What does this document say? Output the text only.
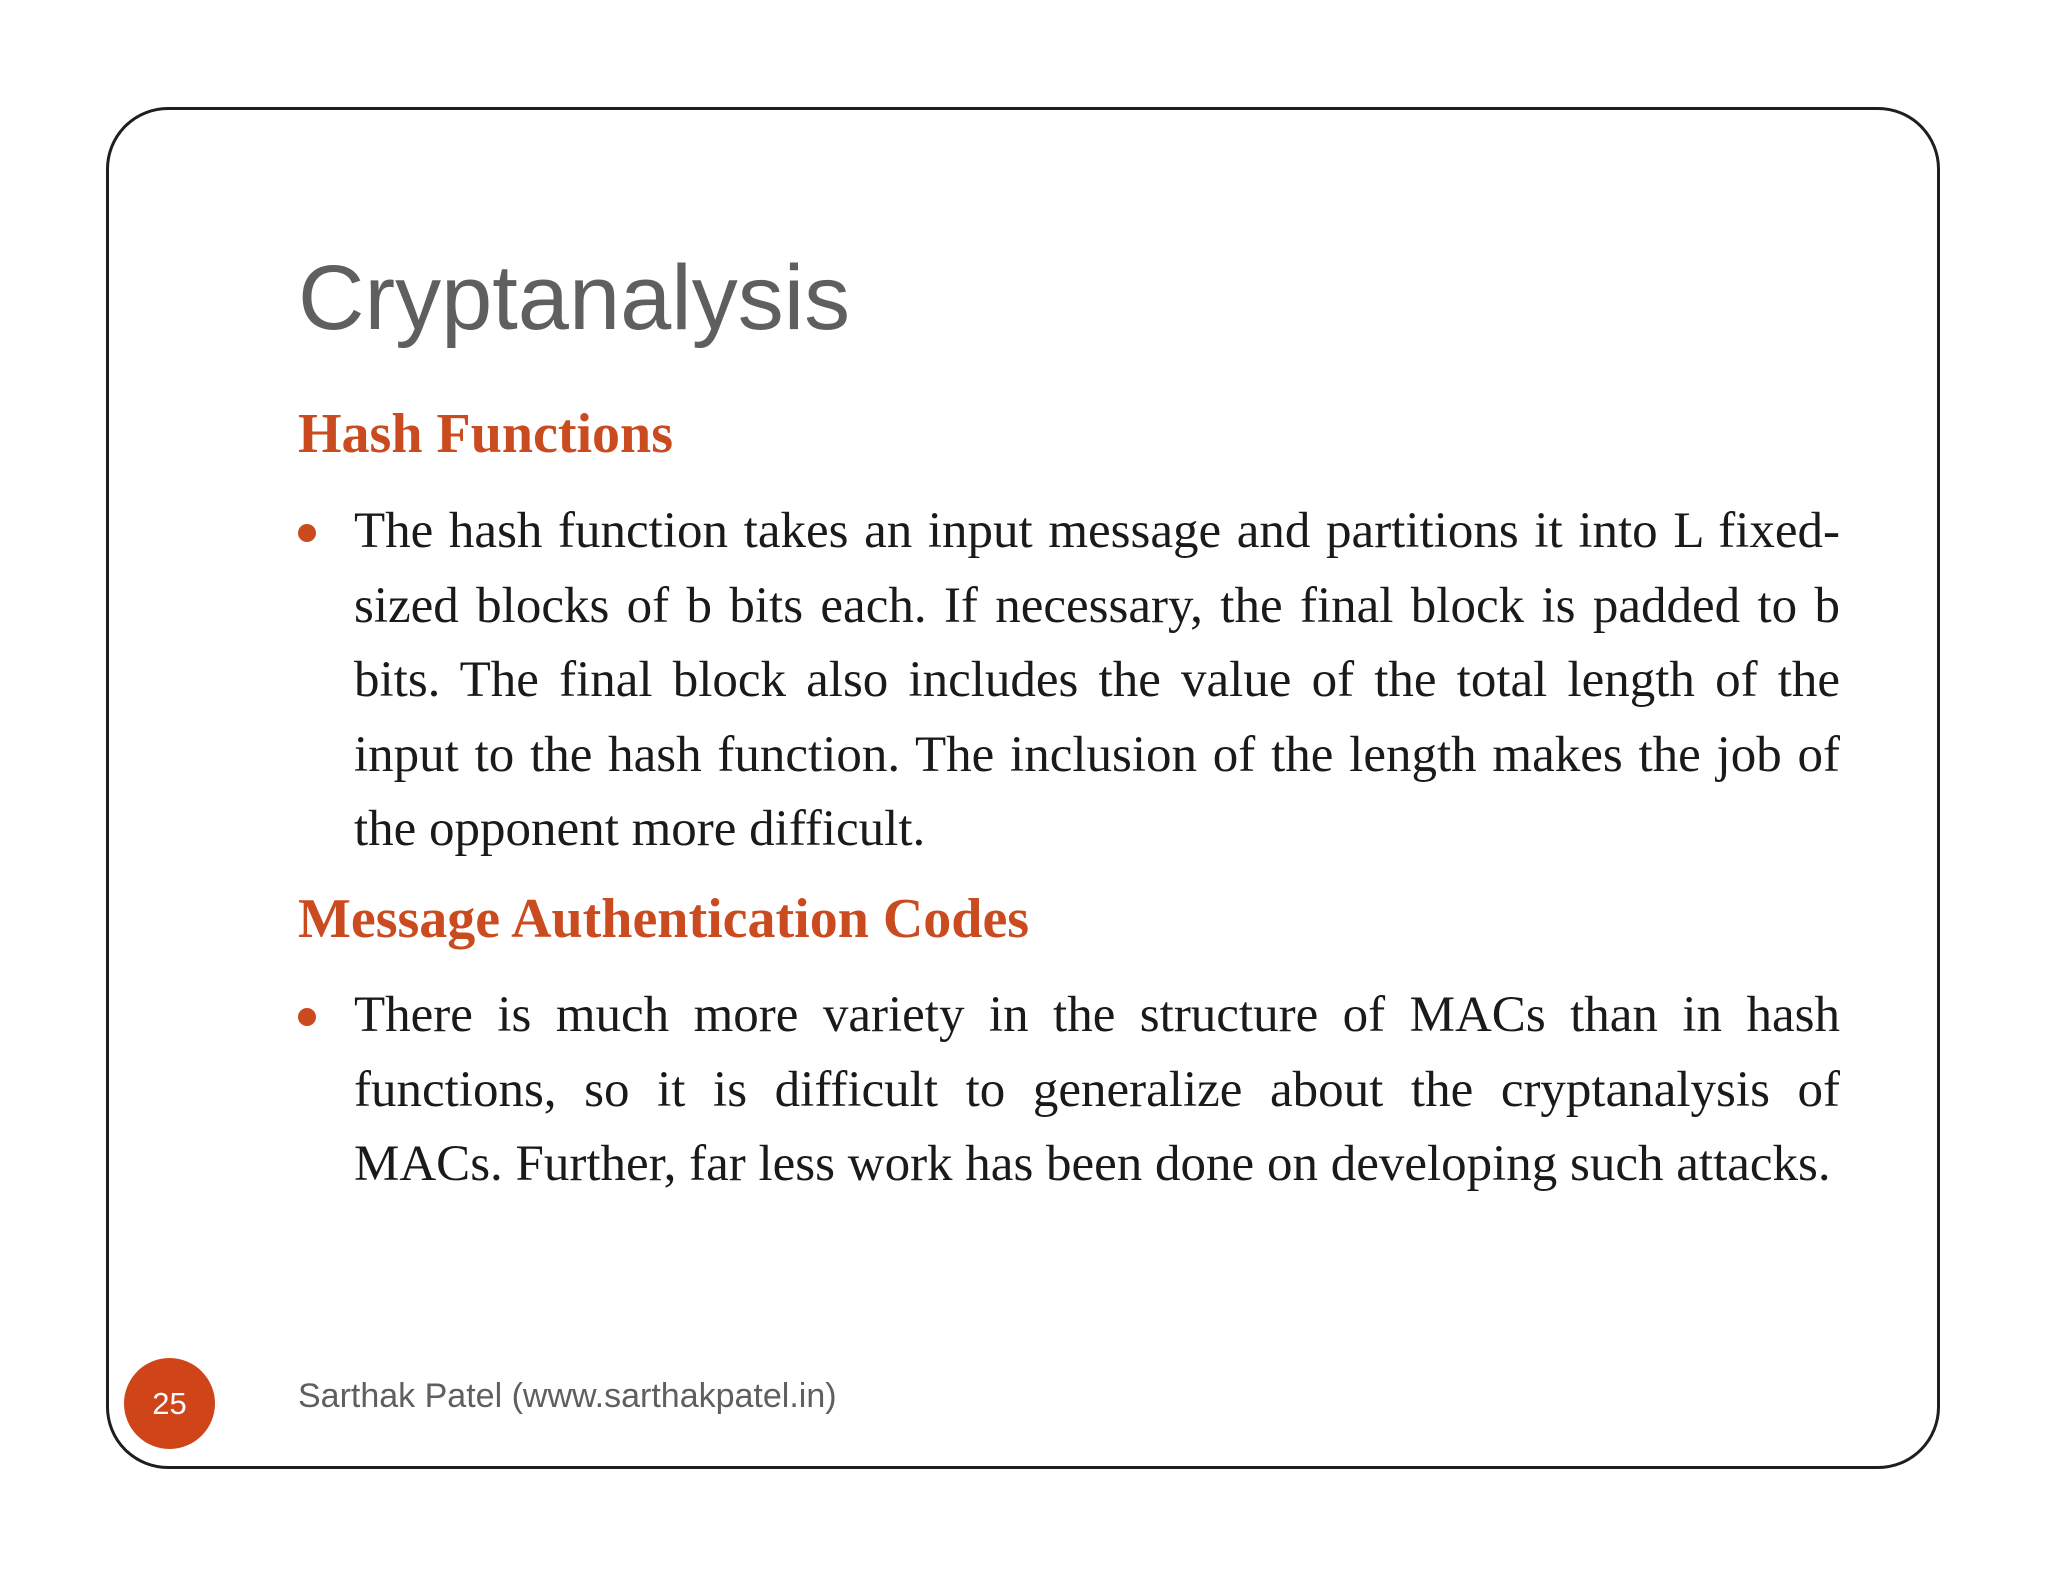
Cryptanalysis
Hash Functions

The hash function takes an input message and partitions it into L fixed-sized blocks of b bits each. If necessary, the final block is padded to b bits. The final block also includes the value of the total length of the input to the hash function. The inclusion of the length makes the job of the opponent more difficult.

Message Authentication Codes

There is much more variety in the structure of MACs than in hash functions, so it is difficult to generalize about the cryptanalysis of MACs. Further, far less work has been done on developing such attacks.

25	Sarthak Patel (www.sarthakpatel.in)
